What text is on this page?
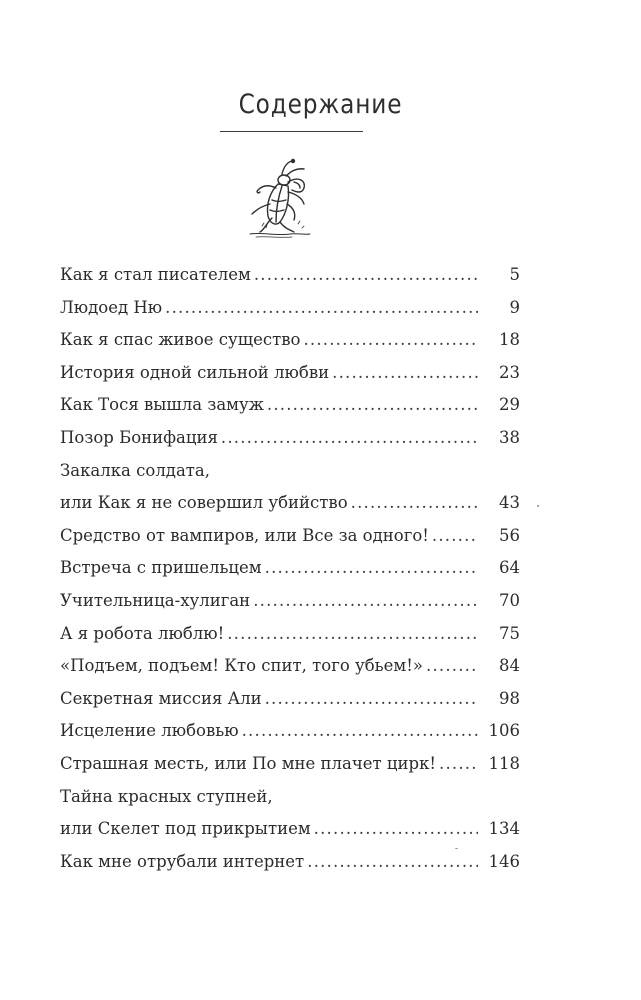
Содержание
Как я стал писателем .....	5
Людоед Ню .....	9
Как я спас живое существо .....	18
История одной сильной любви .....	23
Как Тося вышла замуж .....	29
Позор Бонифация .....	38
Закалка солдата,
или Как я не совершил убийство .....	43
Средство от вампиров, или Все за одного! .....	56
Встреча с пришельцем .....	64
Учительница-хулиган .....	70
А я робота люблю! .....	75
«Подъем, подъем! Кто спит, того убьем!» .....	84
Секретная миссия Али .....	98
Исцеление любовью .....	106
Страшная месть, или По мне плачет цирк! .....	118
Тайна красных ступней,
или Скелет под прикрытием .....	134
Как мне отрубали интернет .....	146
